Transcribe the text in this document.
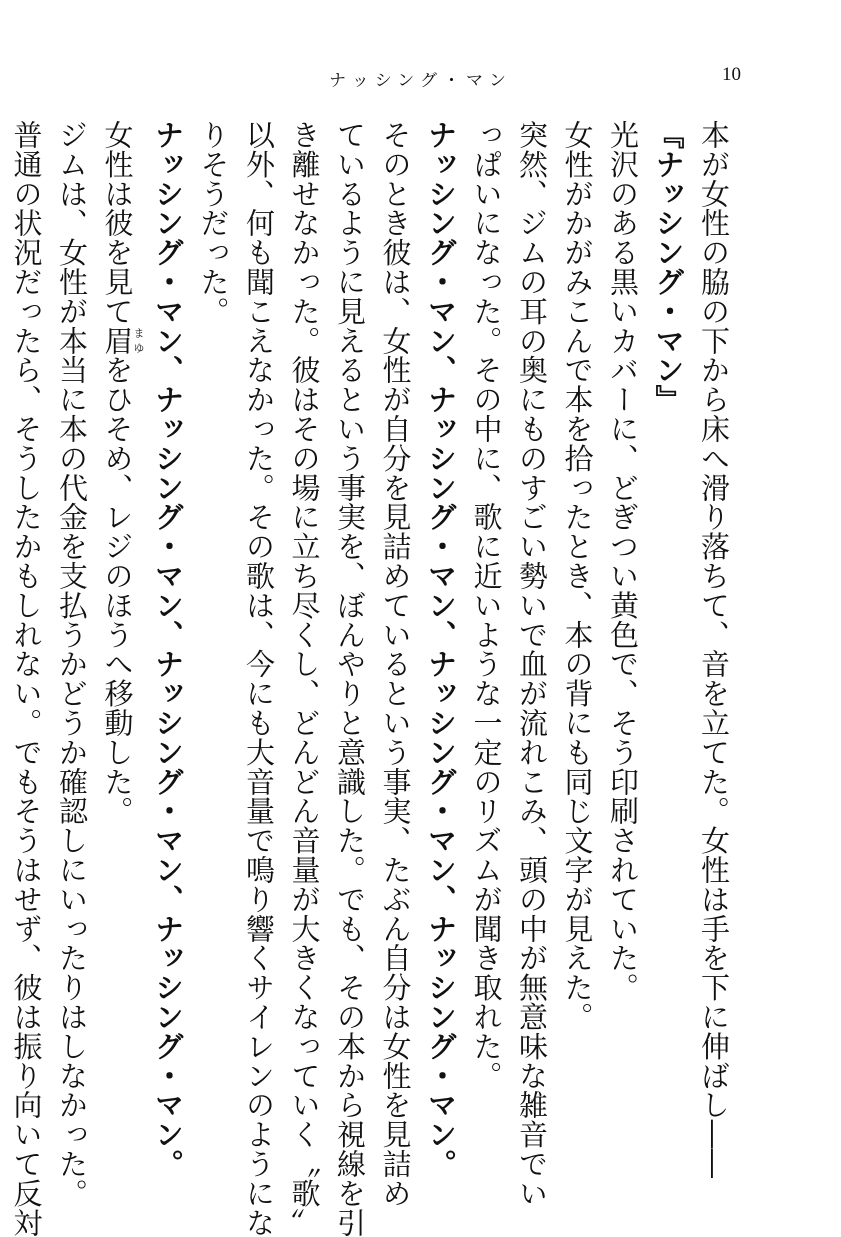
ナッシング・マン	10

本が女性の脇の下から床へ滑り落ちて、音を立てた。女性は手を下に伸ばし――

『ナッシング・マン』

光沢のある黒いカバーに、どぎつい黄色で、そう印刷されていた。

女性がかがみこんで本を拾ったとき、本の背にも同じ文字が見えた。

突然、ジムの耳の奥にものすごい勢いで血が流れこみ、頭の中が無意味な雑音でい

っぱいになった。その中に、歌に近いような一定のリズムが聞き取れた。

ナッシング・マン、ナッシング・マン、ナッシング・マン、ナッシング・マン。

そのとき彼は、女性が自分を見詰めているという事実、たぶん自分は女性を見詰め

ているように見えるという事実を、ぼんやりと意識した。でも、その本から視線を引

き離せなかった。彼はその場に立ち尽くし、どんどん音量が大きくなっていく〝歌〟

以外、何も聞こえなかった。その歌は、今にも大音量で鳴り響くサイレンのようにな

りそうだった。

ナッシング・マン、ナッシング・マン、ナッシング・マン、ナッシング・マン。

女性は彼を見て眉まゆをひそめ、レジのほうへ移動した。

ジムは、女性が本当に本の代金を支払うかどうか確認しにいったりはしなかった。

普通の状況だったら、そうしたかもしれない。でもそうはせず、彼は振り向いて反対
